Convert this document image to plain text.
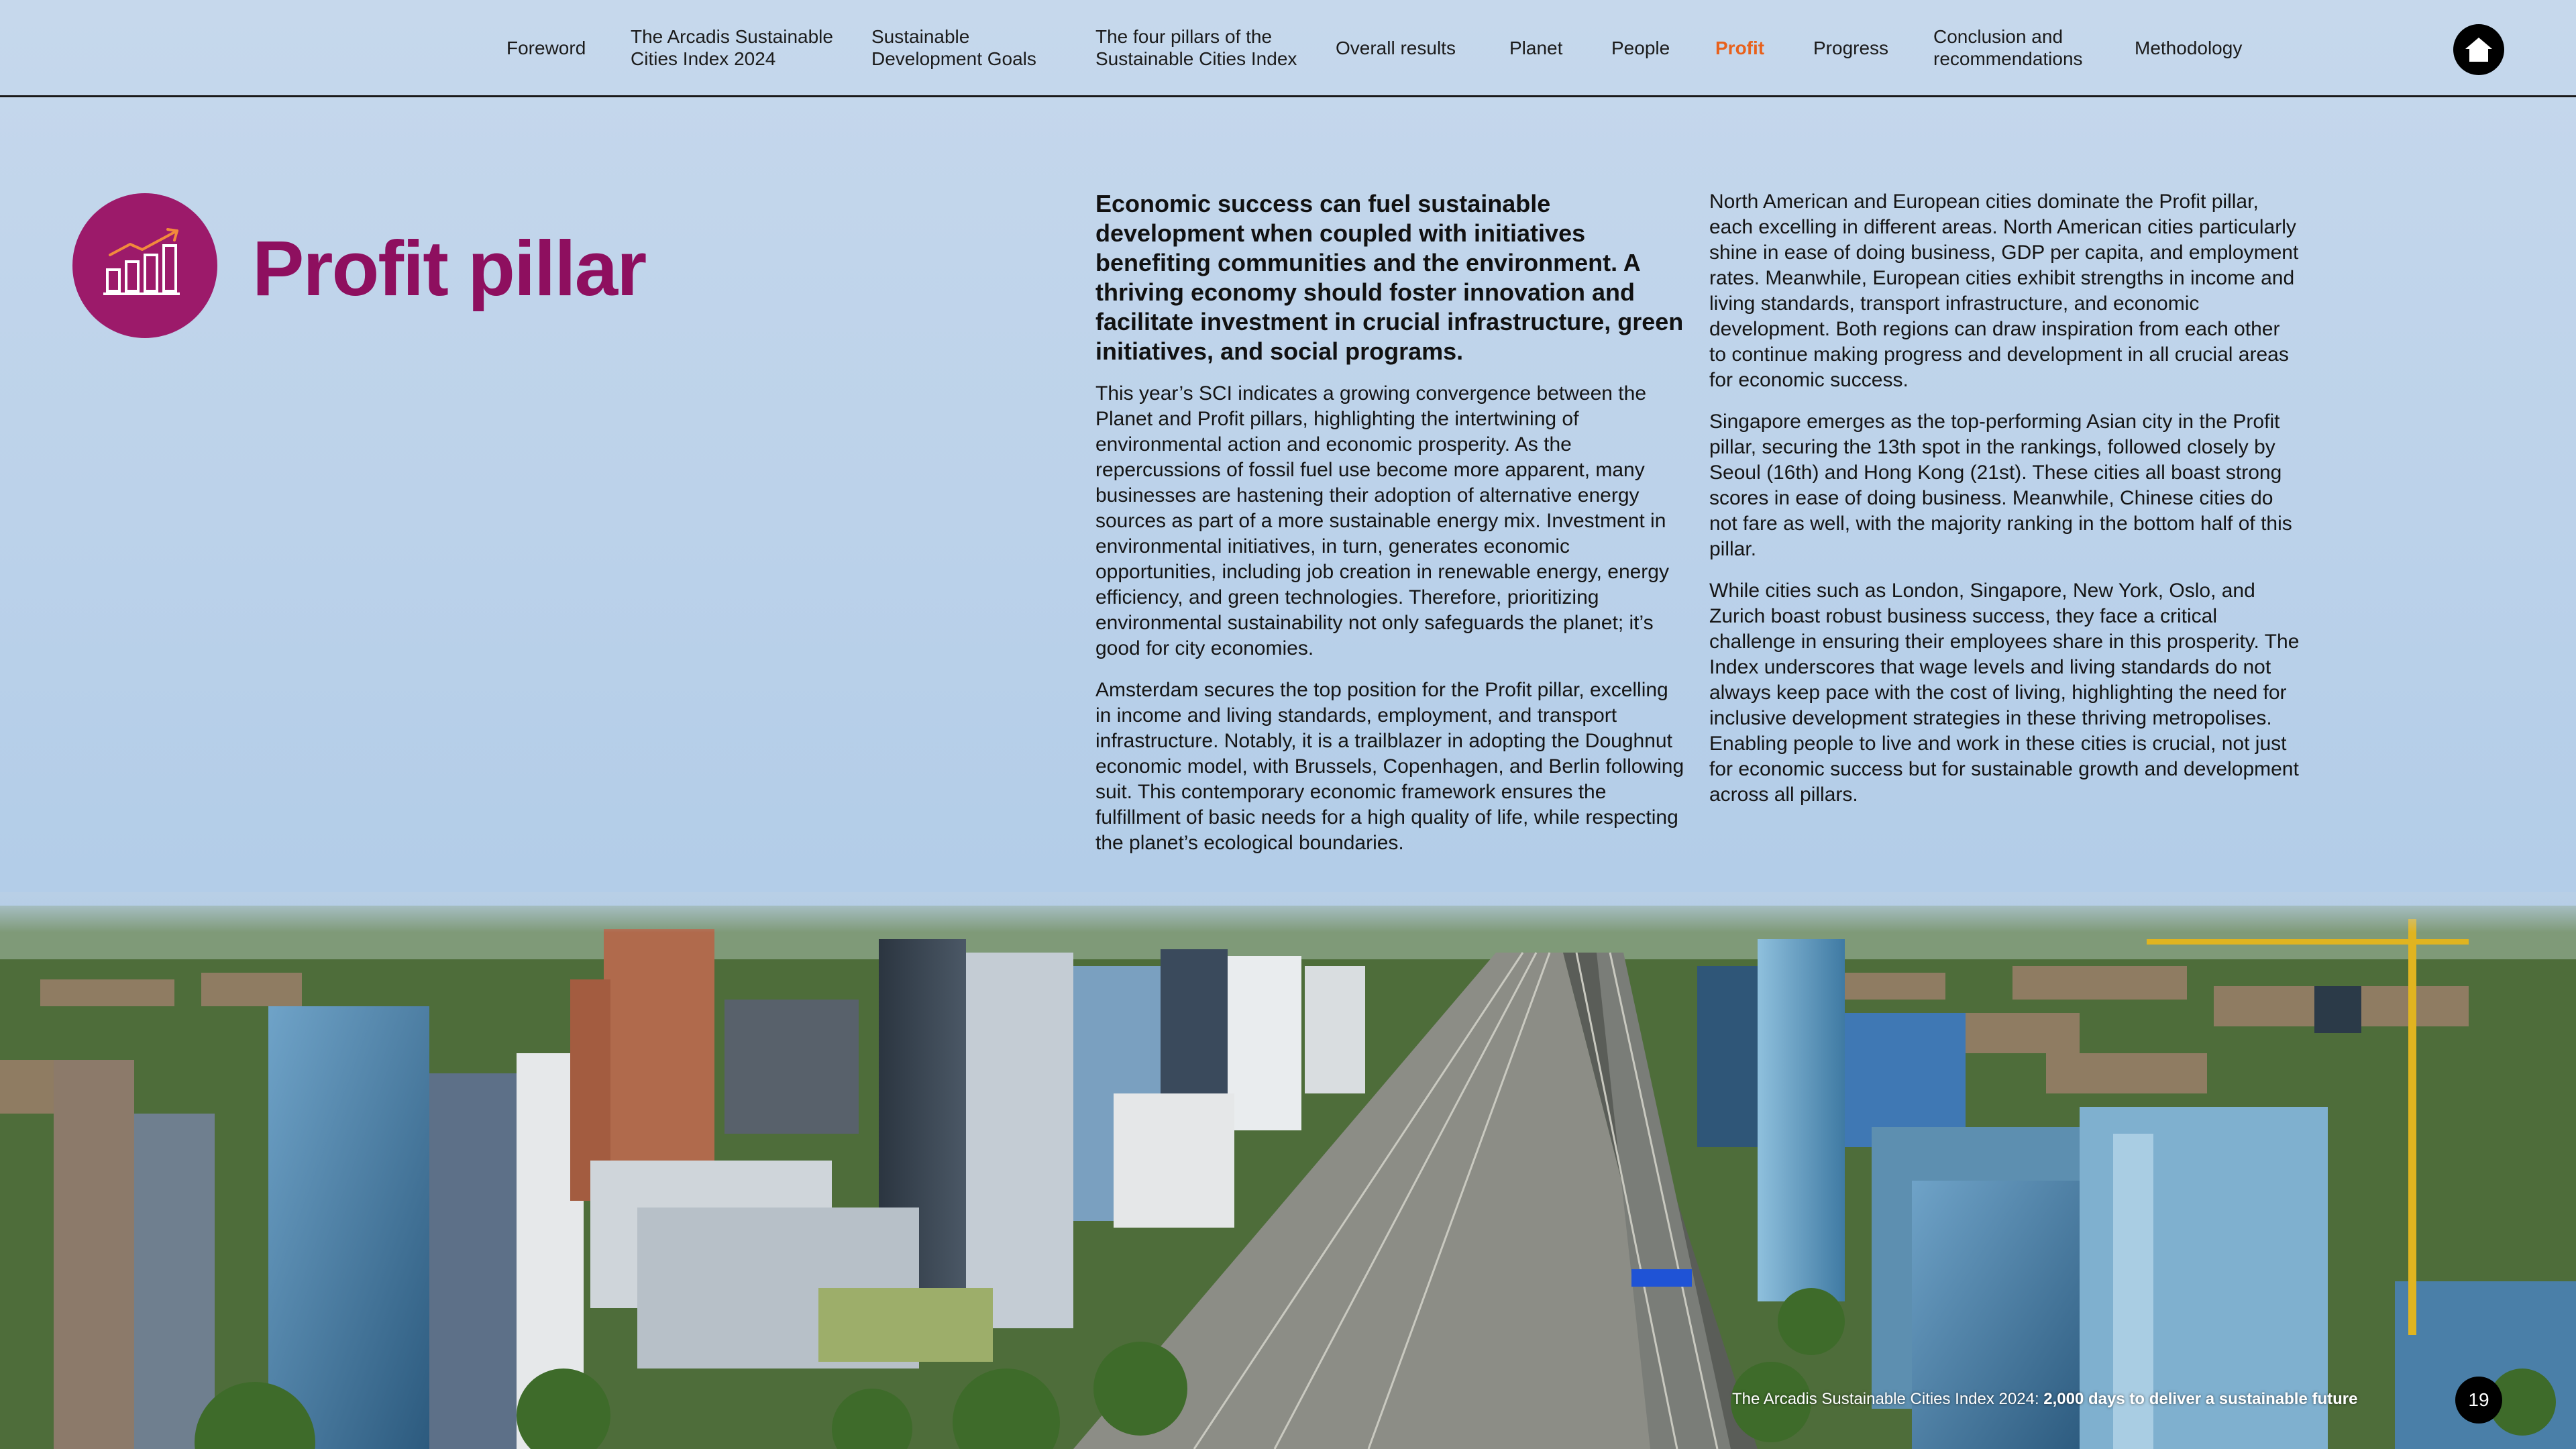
Foreword
The Arcadis Sustainable
Cities Index 2024
Sustainable
Development Goals
The four pillars of the
Sustainable Cities Index
Overall results	Planet	People Profit	Progress
Conclusion and
recommendations
Methodology
Profit pillar
Economic success can fuel sustainable development when coupled with initiatives benefiting communities and the environment. A thriving economy should foster innovation and facilitate investment in crucial infrastructure, green initiatives, and social programs.

This year’s SCI indicates a growing convergence between the Planet and Profit pillars, highlighting the intertwining of environmental action and economic prosperity. As the repercussions of fossil fuel use become more apparent, many businesses are hastening their adoption of alternative energy sources as part of a more sustainable energy mix. Investment in environmental initiatives, in turn, generates economic opportunities, including job creation in renewable energy, energy efficiency, and green technologies. Therefore, prioritizing environmental sustainability not only safeguards the planet; it’s good for city economies.

Amsterdam secures the top position for the Profit pillar, excelling in income and living standards, employment, and transport infrastructure. Notably, it is a trailblazer in adopting the Doughnut economic model, with Brussels, Copenhagen, and Berlin following suit. This contemporary economic framework ensures the fulfillment of basic needs for a high quality of life, while respecting the planet’s ecological boundaries.

North American and European cities dominate the Profit pillar, each excelling in different areas. North American cities particularly shine in ease of doing business, GDP per capita, and employment rates. Meanwhile, European cities exhibit strengths in income and living standards, transport infrastructure, and economic development. Both regions can draw inspiration from each other to continue making progress and development in all crucial areas for economic success.

Singapore emerges as the top-performing Asian city in the Profit pillar, securing the 13th spot in the rankings, followed closely by Seoul (16th) and Hong Kong (21st). These cities all boast strong scores in ease of doing business. Meanwhile, Chinese cities do not fare as well, with the majority ranking in the bottom half of this pillar.

While cities such as London, Singapore, New York, Oslo, and Zurich boast robust business success, they face a critical challenge in ensuring their employees share in this prosperity. The Index underscores that wage levels and living standards do not always keep pace with the cost of living, highlighting the need for inclusive development strategies in these thriving metropolises. Enabling people to live and work in these cities is crucial, not just for economic success but for sustainable growth and development across all pillars.

The Arcadis Sustainable Cities Index 2024: 2,000 days to deliver a sustainable future	19
